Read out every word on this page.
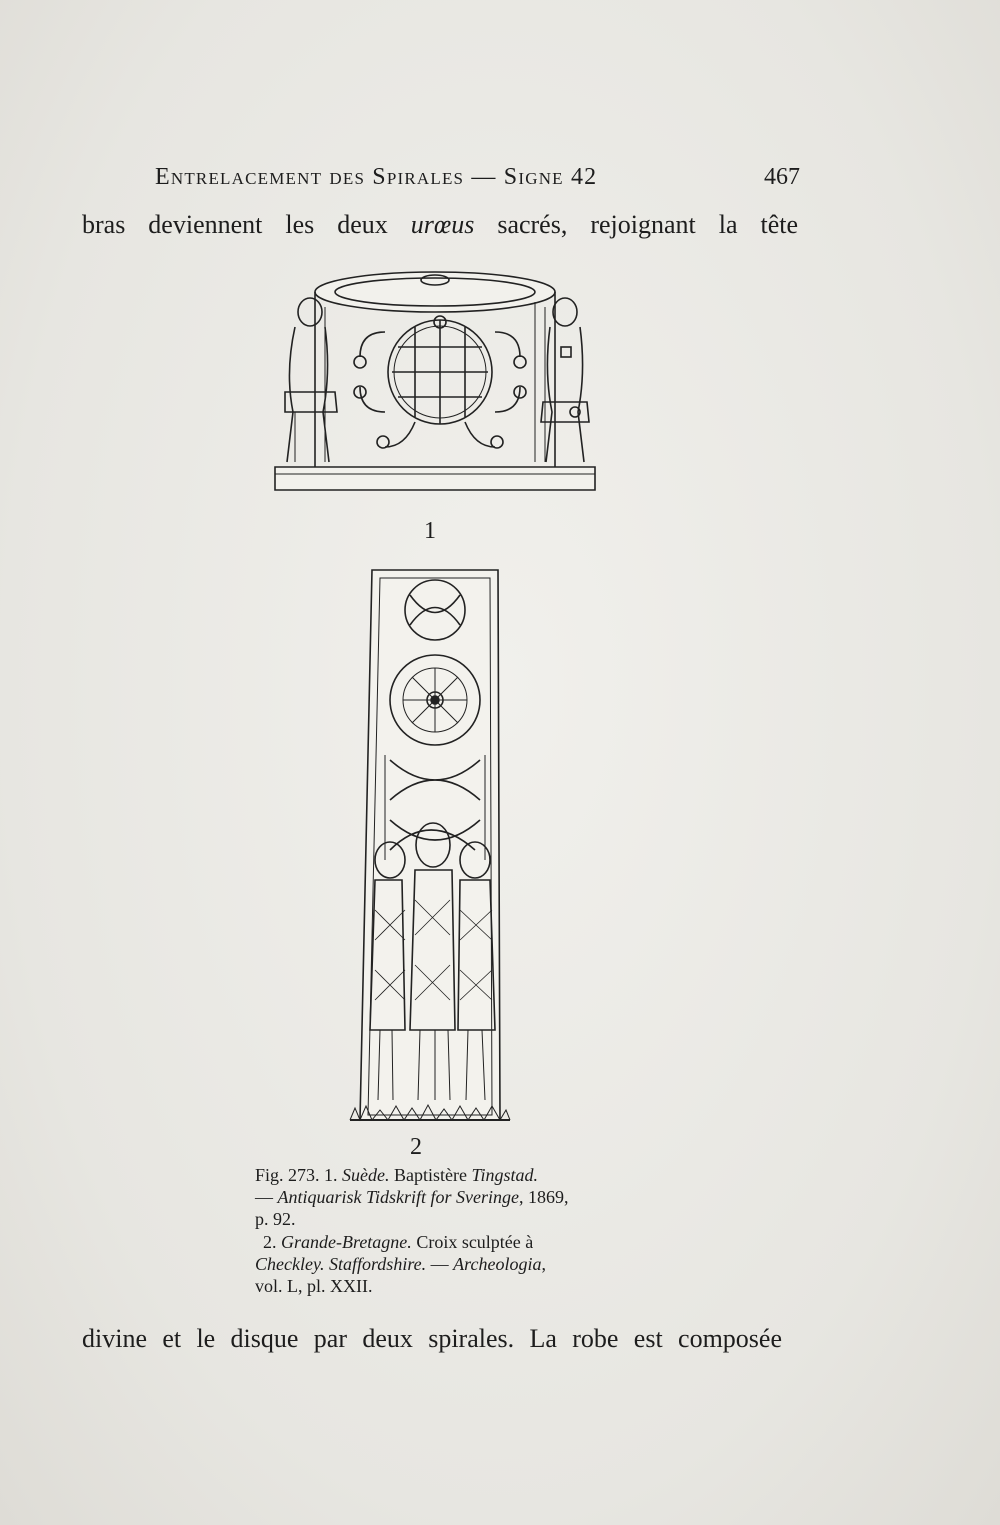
Entrelacement des Spirales — Signe 42	467
bras deviennent les deux urœus sacrés, rejoignant la tête
1
2

Fig. 273. 1. Suède. Baptistère Tingstad.
— Antiquarisk Tidskrift for Sveringe, 1869,
p. 92.

2. Grande-Bretagne. Croix sculptée à
Checkley. Staffordshire. — Archeologia,
vol. L, pl. XXII.

divine et le disque par deux spirales. La robe est composée
